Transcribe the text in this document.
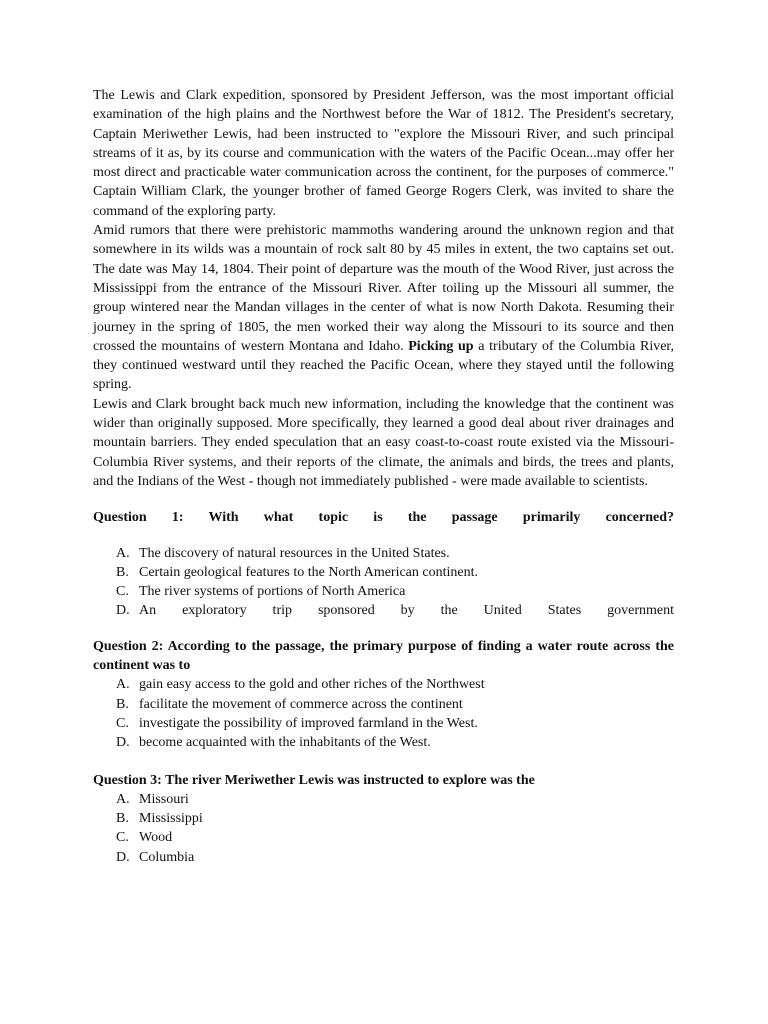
The Lewis and Clark expedition, sponsored by President Jefferson, was the most important official examination of the high plains and the Northwest before the War of 1812. The President's secretary, Captain Meriwether Lewis, had been instructed to "explore the Missouri River, and such principal streams of it as, by its course and communication with the waters of the Pacific Ocean...may offer her most direct and practicable water communication across the continent, for the purposes of commerce." Captain William Clark, the younger brother of famed George Rogers Clerk, was invited to share the command of the exploring party.

Amid rumors that there were prehistoric mammoths wandering around the unknown region and that somewhere in its wilds was a mountain of rock salt 80 by 45 miles in extent, the two captains set out. The date was May 14, 1804. Their point of departure was the mouth of the Wood River, just across the Mississippi from the entrance of the Missouri River. After toiling up the Missouri all summer, the group wintered near the Mandan villages in the center of what is now North Dakota. Resuming their journey in the spring of 1805, the men worked their way along the Missouri to its source and then crossed the mountains of western Montana and Idaho. Picking up a tributary of the Columbia River, they continued westward until they reached the Pacific Ocean, where they stayed until the following spring.

Lewis and Clark brought back much new information, including the knowledge that the continent was wider than originally supposed. More specifically, they learned a good deal about river drainages and mountain barriers. They ended speculation that an easy coast-to-coast route existed via the Missouri-Columbia River systems, and their reports of the climate, the animals and birds, the trees and plants, and the Indians of the West - though not immediately published - were made available to scientists.

Question 1: With what topic is the passage primarily concerned?

A. The discovery of natural resources in the United States.
B. Certain geological features to the North American continent.
C. The river systems of portions of North America
D. An exploratory trip sponsored by the United States government

Question 2: According to the passage, the primary purpose of finding a water route across the continent was to

A. gain easy access to the gold and other riches of the Northwest
B. facilitate the movement of commerce across the continent
C. investigate the possibility of improved farmland in the West.
D. become acquainted with the inhabitants of the West.

Question 3: The river Meriwether Lewis was instructed to explore was the

A. Missouri
B. Mississippi
C. Wood
D. Columbia
